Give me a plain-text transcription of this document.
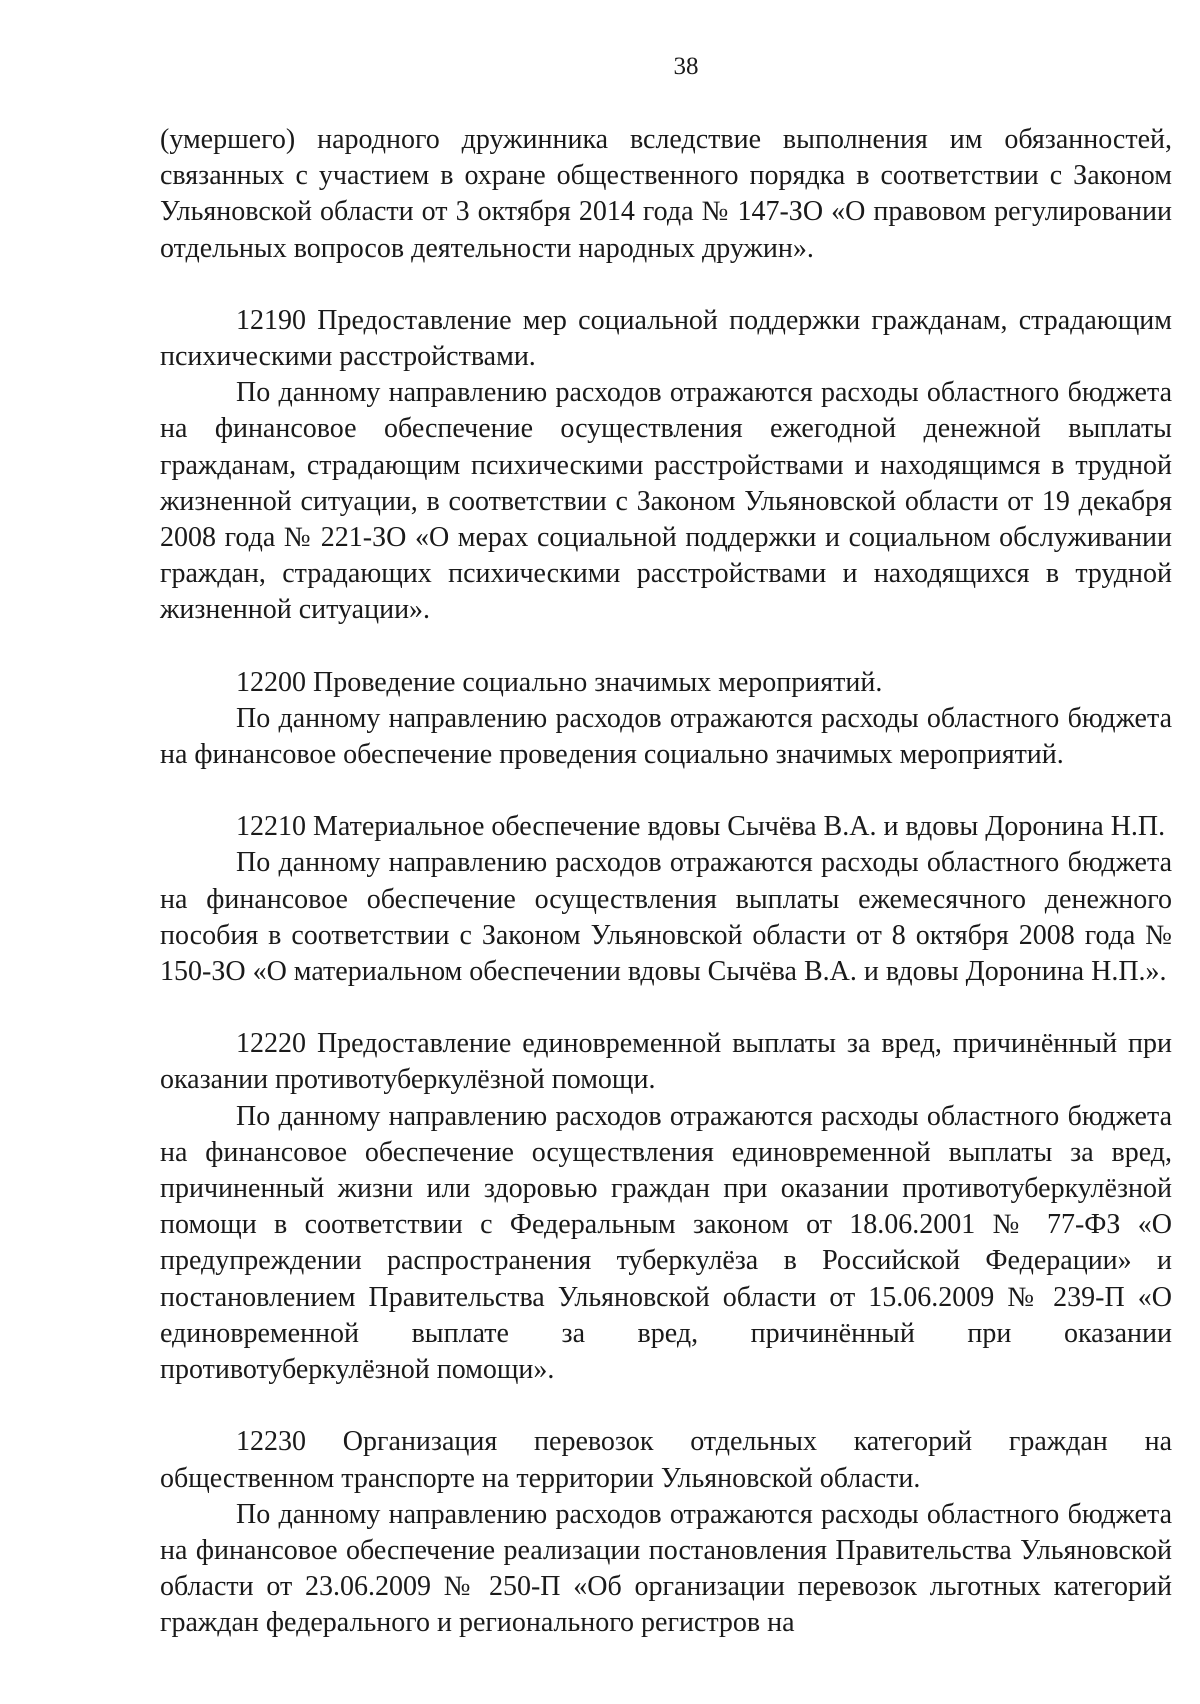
38

(умершего) народного дружинника вследствие выполнения им обязанностей, связанных с участием в охране общественного порядка в соответствии с Законом Ульяновской области от 3 октября 2014 года № 147-ЗО «О правовом регулировании отдельных вопросов деятельности народных дружин».

12190 Предоставление мер социальной поддержки гражданам, страдающим психическими расстройствами.

По данному направлению расходов отражаются расходы областного бюджета на финансовое обеспечение осуществления ежегодной денежной выплаты гражданам, страдающим психическими расстройствами и находящимся в трудной жизненной ситуации, в соответствии с Законом Ульяновской области от 19 декабря 2008 года № 221-ЗО «О мерах социальной поддержки и социальном обслуживании граждан, страдающих психическими расстройствами и находящихся в трудной жизненной ситуации».

12200 Проведение социально значимых мероприятий.

По данному направлению расходов отражаются расходы областного бюджета на финансовое обеспечение проведения социально значимых мероприятий.

12210 Материальное обеспечение вдовы Сычёва В.А. и вдовы Доронина Н.П.

По данному направлению расходов отражаются расходы областного бюджета на финансовое обеспечение осуществления выплаты ежемесячного денежного пособия в соответствии с Законом Ульяновской области от 8 октября 2008 года № 150-ЗО «О материальном обеспечении вдовы Сычёва В.А. и вдовы Доронина Н.П.».

12220 Предоставление единовременной выплаты за вред, причинённый при оказании противотуберкулёзной помощи.

По данному направлению расходов отражаются расходы областного бюджета на финансовое обеспечение осуществления единовременной выплаты за вред, причиненный жизни или здоровью граждан при оказании противотуберкулёзной помощи в соответствии с Федеральным законом от 18.06.2001 № 77-ФЗ «О предупреждении распространения туберкулёза в Российской Федерации» и постановлением Правительства Ульяновской области от 15.06.2009 № 239-П «О единовременной выплате за вред, причинённый при оказании противотуберкулёзной помощи».

12230 Организация перевозок отдельных категорий граждан на общественном транспорте на территории Ульяновской области.

По данному направлению расходов отражаются расходы областного бюджета на финансовое обеспечение реализации постановления Правительства Ульяновской области от 23.06.2009 № 250-П «Об организации перевозок льготных категорий граждан федерального и регионального регистров на
